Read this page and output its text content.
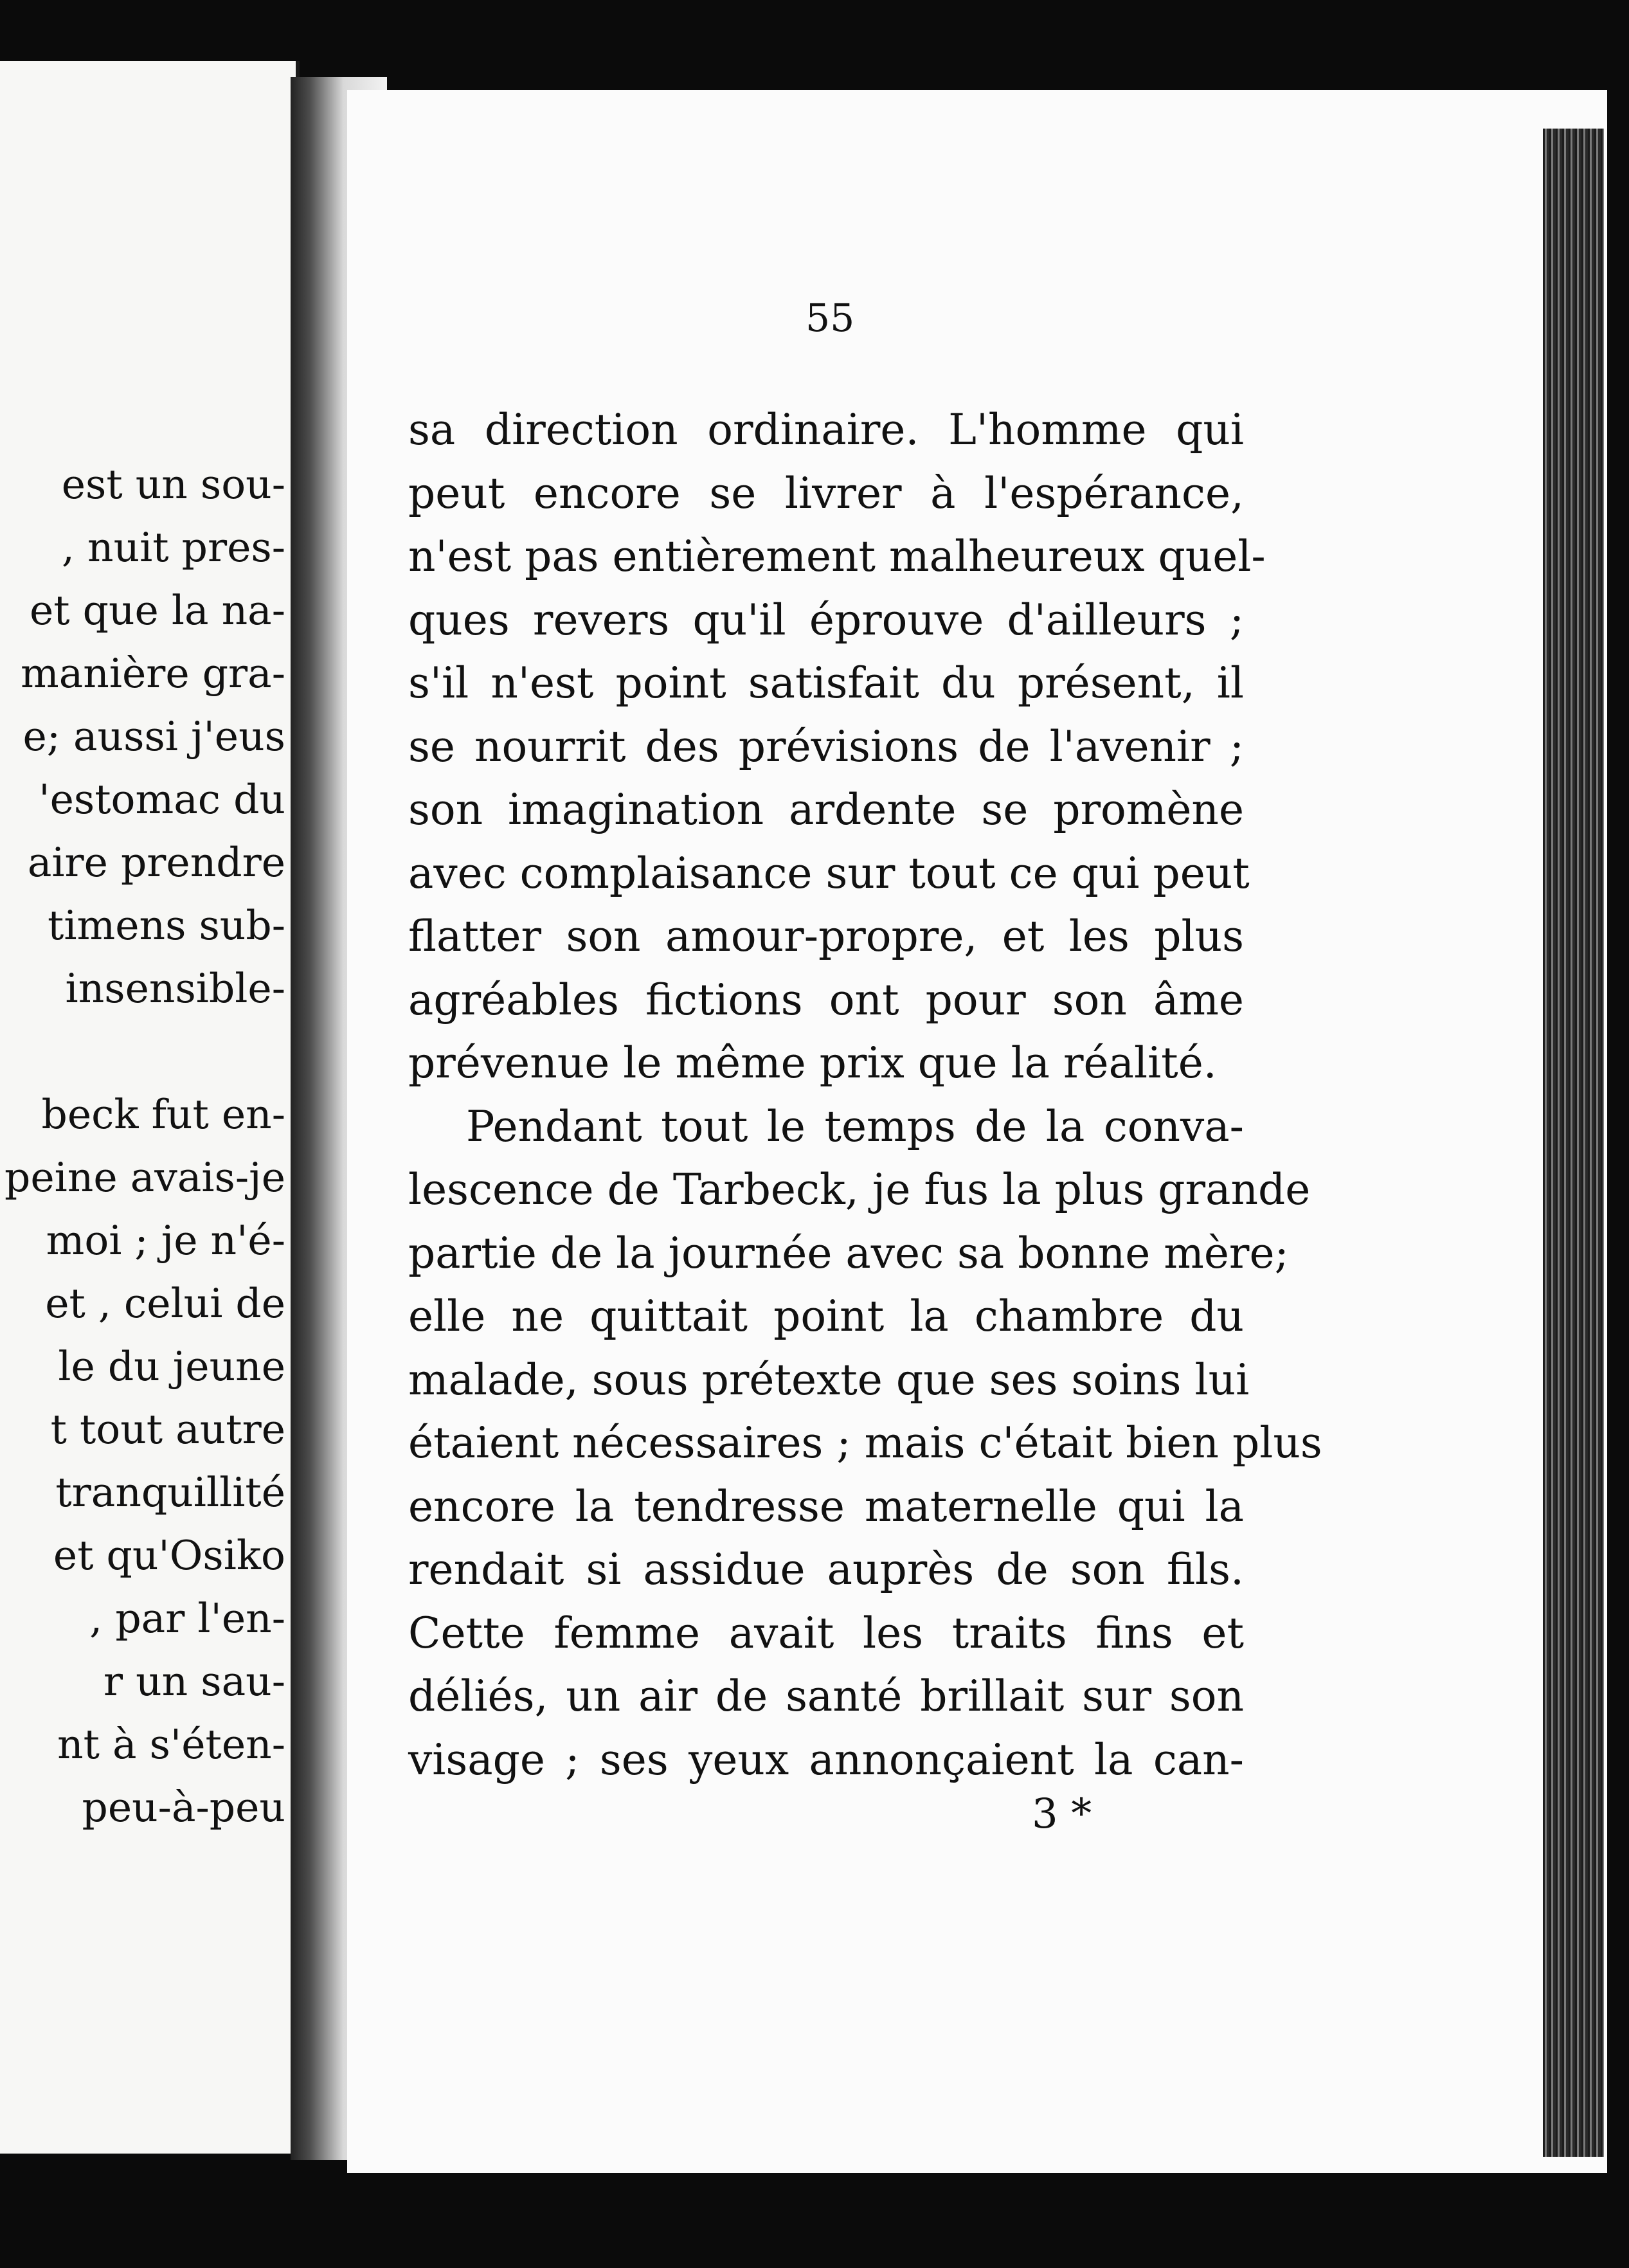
est un sou-
, nuit pres-
et que la na-
manière gra-
e; aussi j'eus
'estomac du
aire prendre
timens sub-
insensible-
beck fut en-
peine avais-je
moi ; je n'é-
et , celui de
le du jeune
t tout autre
tranquillité
et qu'Osiko
, par l'en-
r un sau-
nt à s'éten-
peu-à-peu
55
sa direction ordinaire. L'homme qui
peut encore se livrer à l'espérance,
n'est pas entièrement malheureux quel-
ques revers qu'il éprouve d'ailleurs ;
s'il n'est point satisfait du présent, il
se nourrit des prévisions de l'avenir ;
son imagination ardente se promène
avec complaisance sur tout ce qui peut
flatter son amour-propre, et les plus
agréables fictions ont pour son âme
prévenue le même prix que la réalité.
Pendant tout le temps de la conva-
lescence de Tarbeck, je fus la plus grande
partie de la journée avec sa bonne mère;
elle ne quittait point la chambre du
malade, sous prétexte que ses soins lui
étaient nécessaires ; mais c'était bien plus
encore la tendresse maternelle qui la
rendait si assidue auprès de son fils.
Cette femme avait les traits fins et
déliés, un air de santé brillait sur son
visage ; ses yeux annonçaient la can-
3 *
